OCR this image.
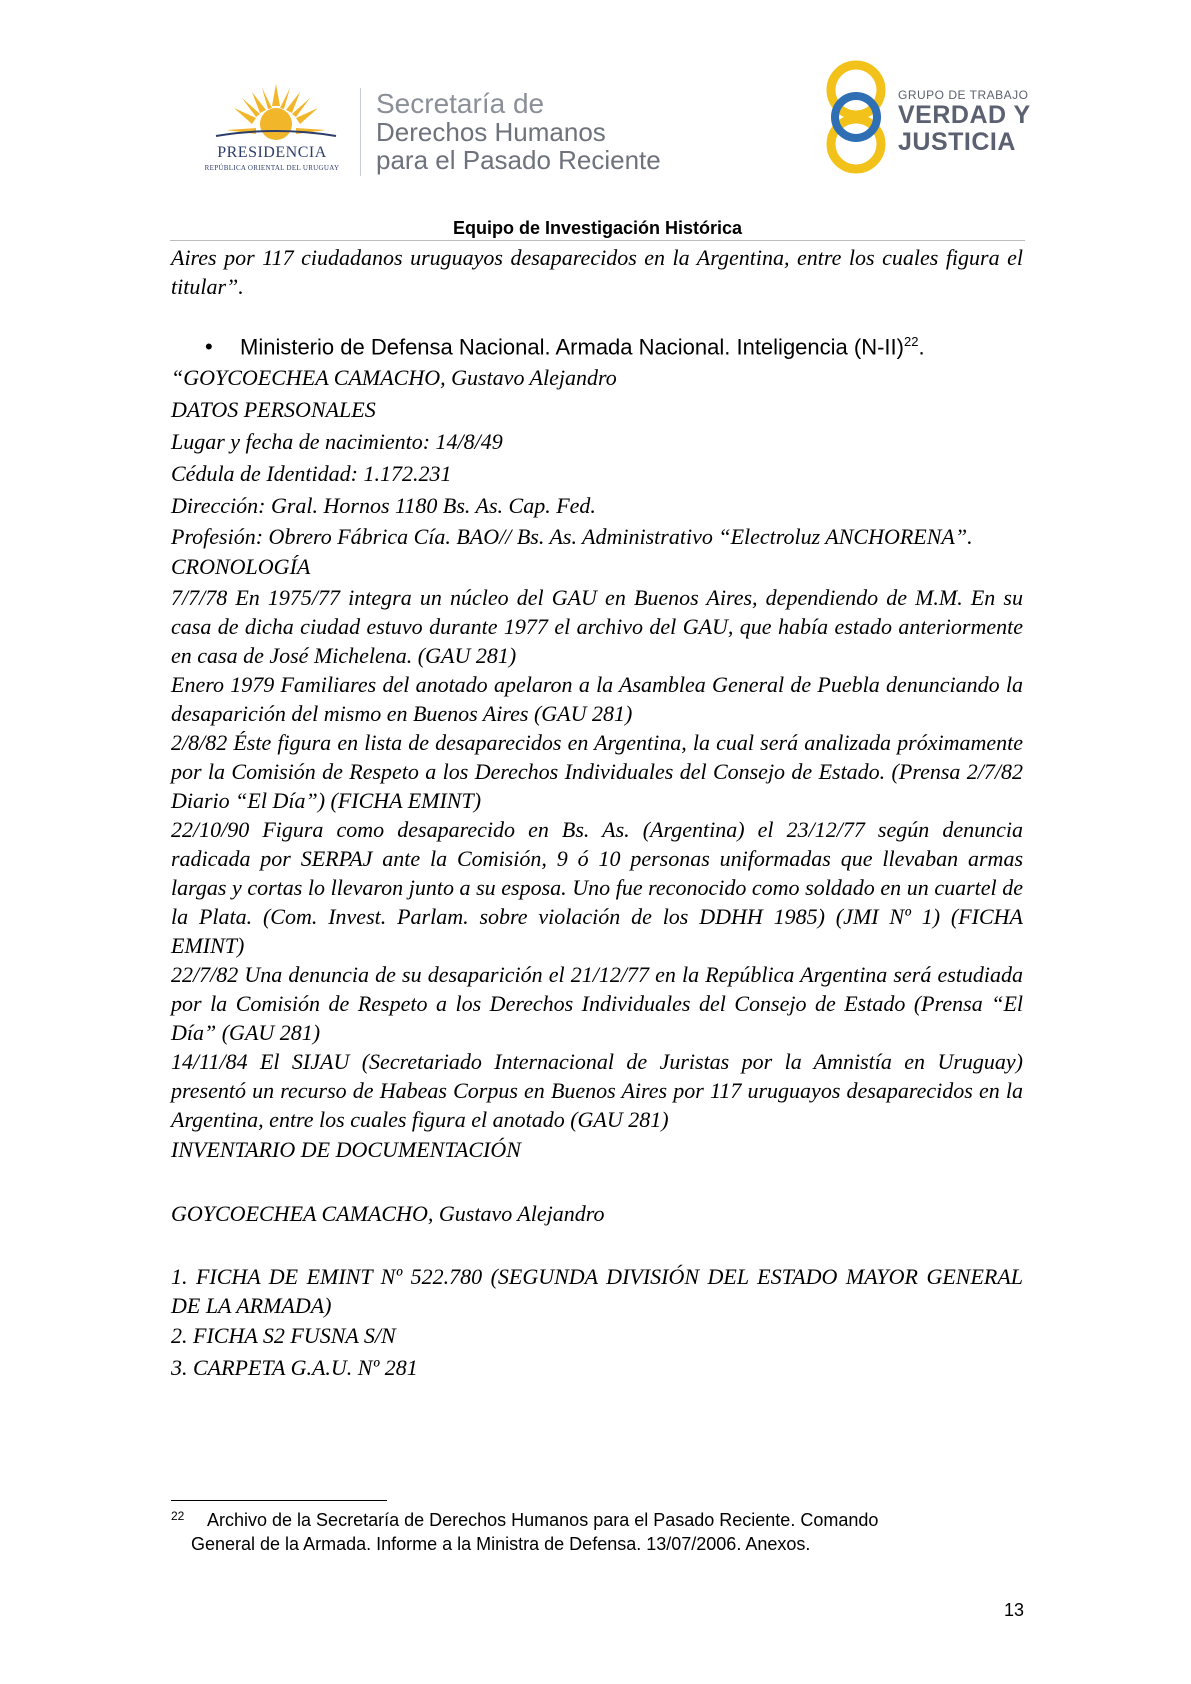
PRESIDENCIA
REPÚBLICA ORIENTAL DEL URUGUAY
Secretaría de
Derechos Humanos
para el Pasado Reciente
GRUPO DE TRABAJO
VERDAD Y
JUSTICIA
Equipo de Investigación Histórica

Aires por 117 ciudadanos uruguayos desaparecidos en la Argentina, entre los cuales figura el titular”.

• Ministerio de Defensa Nacional. Armada Nacional. Inteligencia $(N-II)^{22}$.

“GOYCOECHEA CAMACHO, Gustavo Alejandro

DATOS PERSONALES

Lugar y fecha de nacimiento: 14/8/49

Cédula de Identidad: 1.172.231

Dirección: Gral. Hornos 1180 Bs. As. Cap. Fed.

Profesión: Obrero Fábrica Cía. BAO// Bs. As. Administrativo “Electroluz ANCHORENA”.

CRONOLOGÍA

7/7/78 En 1975/77 integra un núcleo del GAU en Buenos Aires, dependiendo de M.M. En su casa de dicha ciudad estuvo durante 1977 el archivo del GAU, que había estado anteriormente en casa de José Michelena. (GAU 281)

Enero 1979 Familiares del anotado apelaron a la Asamblea General de Puebla denunciando la desaparición del mismo en Buenos Aires (GAU 281)

2/8/82 Éste figura en lista de desaparecidos en Argentina, la cual será analizada próximamente por la Comisión de Respeto a los Derechos Individuales del Consejo de Estado. (Prensa 2/7/82 Diario “El Día”) (FICHA EMINT)

22/10/90 Figura como desaparecido en Bs. As. (Argentina) el 23/12/77 según denuncia radicada por SERPAJ ante la Comisión, 9 ó 10 personas uniformadas que llevaban armas largas y cortas lo llevaron junto a su esposa. Uno fue reconocido como soldado en un cuartel de la Plata. (Com. Invest. Parlam. sobre violación de los DDHH 1985) (JMI Nº 1) (FICHA EMINT)

22/7/82 Una denuncia de su desaparición el 21/12/77 en la República Argentina será estudiada por la Comisión de Respeto a los Derechos Individuales del Consejo de Estado (Prensa “El Día” (GAU 281)

14/11/84 El SIJAU (Secretariado Internacional de Juristas por la Amnistía en Uruguay) presentó un recurso de Habeas Corpus en Buenos Aires por 117 uruguayos desaparecidos en la Argentina, entre los cuales figura el anotado (GAU 281)

INVENTARIO DE DOCUMENTACIÓN

GOYCOECHEA CAMACHO, Gustavo Alejandro

1. FICHA DE EMINT Nº 522.780 (SEGUNDA DIVISIÓN DEL ESTADO MAYOR GENERAL DE LA ARMADA)

2. FICHA S2 FUSNA S/N

3. CARPETA G.A.U. Nº 281

22 Archivo de la Secretaría de Derechos Humanos para el Pasado Reciente. Comando
General de la Armada. Informe a la Ministra de Defensa. 13/07/2006. Anexos.
13
